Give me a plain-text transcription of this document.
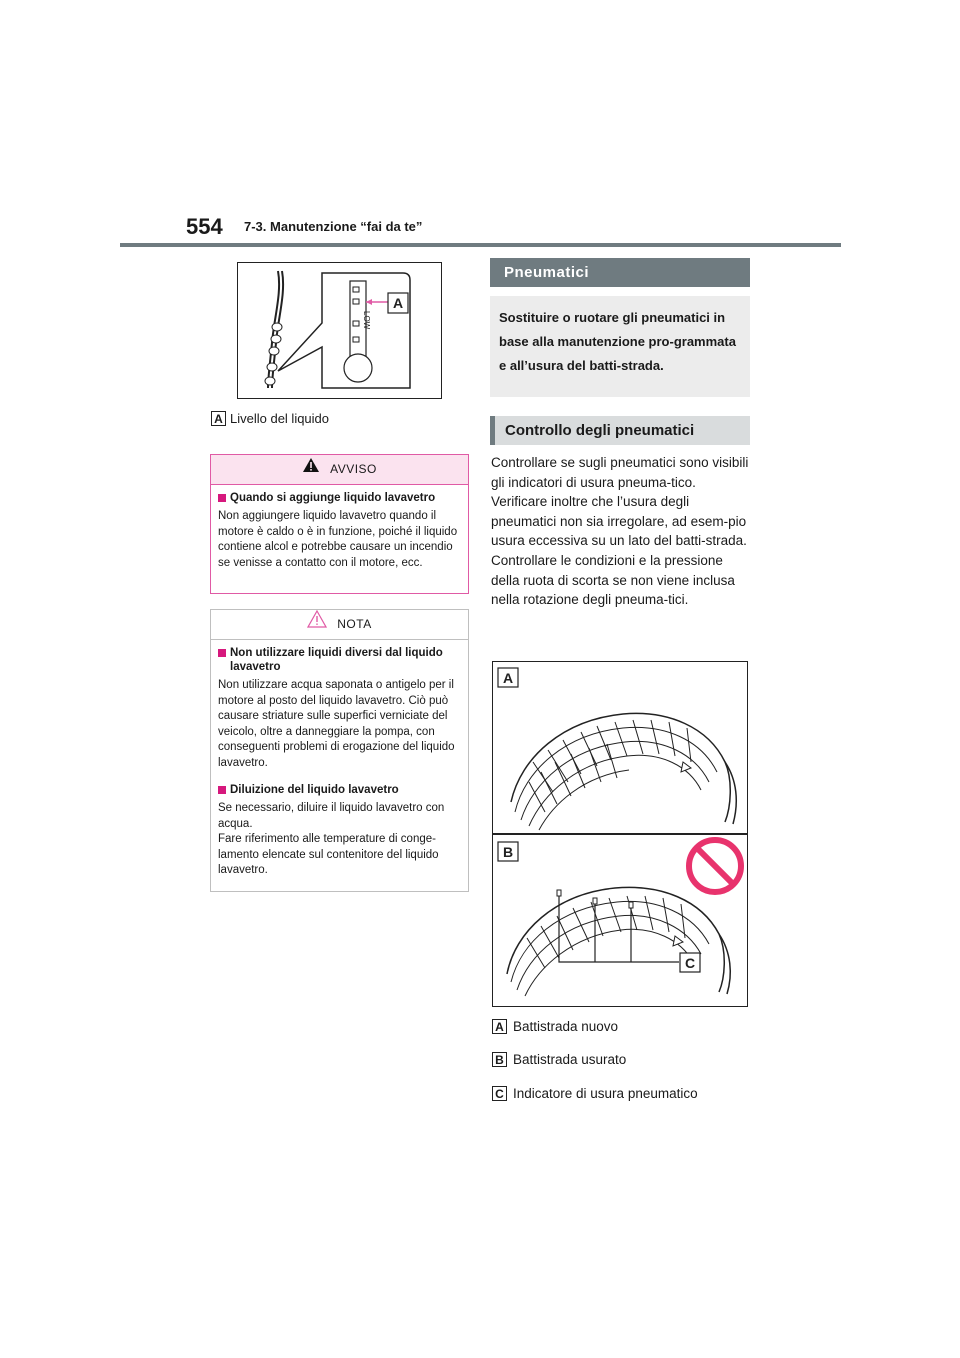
554 7-3. Manutenzione “fai da te”
A
LOW
A Livello del liquido
AVVISO
Quando si aggiunge liquido lavavetro
Non aggiungere liquido lavavetro quando il motore è caldo o è in funzione, poiché il liquido contiene alcol e potrebbe causare un incendio se venisse a contatto con il motore, ecc.
NOTA
Non utilizzare liquidi diversi dal liquido lavavetro
Non utilizzare acqua saponata o antigelo per il motore al posto del liquido lavavetro. Ciò può causare striature sulle superfici verniciate del veicolo, oltre a danneggiare la pompa, con conseguenti problemi di erogazione del liquido lavavetro.
Diluizione del liquido lavavetro
Se necessario, diluire il liquido lavavetro con acqua.
Fare riferimento alle temperature di conge-lamento elencate sul contenitore del liquido lavavetro.
Pneumatici
Sostituire o ruotare gli pneumatici in base alla manutenzione pro-grammata e all’usura del batti-strada.
Controllo degli pneumatici
Controllare se sugli pneumatici sono visibili gli indicatori di usura pneuma-tico. Verificare inoltre che l’usura degli pneumatici non sia irregolare, ad esem-pio usura eccessiva su un lato del batti-strada.
Controllare le condizioni e la pressione della ruota di scorta se non viene inclusa nella rotazione degli pneuma-tici.
A
B
C
A Battistrada nuovo
B Battistrada usurato
C Indicatore di usura pneumatico
